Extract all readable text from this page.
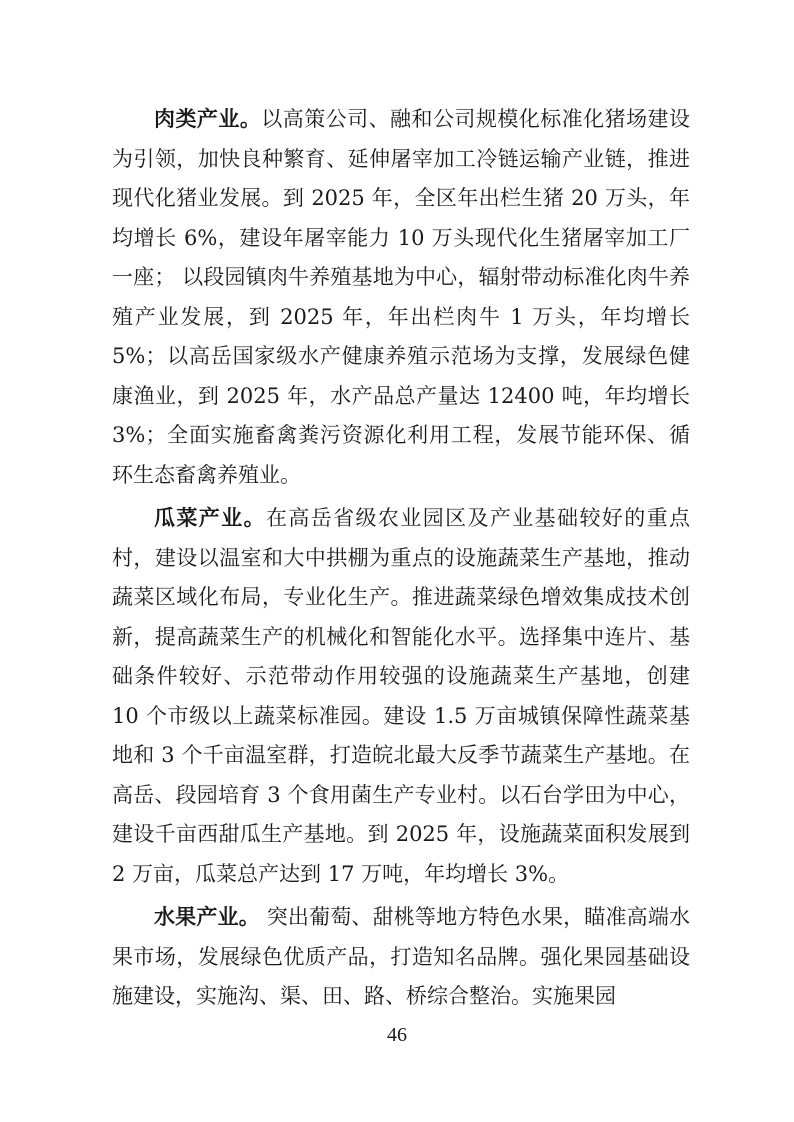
肉类产业。以高策公司、融和公司规模化标准化猪场建设为引领，加快良种繁育、延伸屠宰加工冷链运输产业链，推进现代化猪业发展。到 2025 年，全区年出栏生猪 20 万头，年均增长 6%，建设年屠宰能力 10 万头现代化生猪屠宰加工厂一座； 以段园镇肉牛养殖基地为中心，辐射带动标准化肉牛养殖产业发展，到 2025 年，年出栏肉牛 1 万头，年均增长 5%；以高岳国家级水产健康养殖示范场为支撑，发展绿色健康渔业，到 2025 年，水产品总产量达 12400 吨，年均增长 3%；全面实施畜禽粪污资源化利用工程，发展节能环保、循环生态畜禽养殖业。

瓜菜产业。在高岳省级农业园区及产业基础较好的重点村，建设以温室和大中拱棚为重点的设施蔬菜生产基地，推动蔬菜区域化布局，专业化生产。推进蔬菜绿色增效集成技术创新，提高蔬菜生产的机械化和智能化水平。选择集中连片、基础条件较好、示范带动作用较强的设施蔬菜生产基地，创建 10 个市级以上蔬菜标准园。建设 1.5 万亩城镇保障性蔬菜基地和 3 个千亩温室群，打造皖北最大反季节蔬菜生产基地。在高岳、段园培育 3 个食用菌生产专业村。以石台学田为中心，建设千亩西甜瓜生产基地。到 2025 年，设施蔬菜面积发展到 2 万亩，瓜菜总产达到 17 万吨，年均增长 3%。

水果产业。 突出葡萄、甜桃等地方特色水果，瞄准高端水果市场，发展绿色优质产品，打造知名品牌。强化果园基础设施建设，实施沟、渠、田、路、桥综合整治。实施果园

46
